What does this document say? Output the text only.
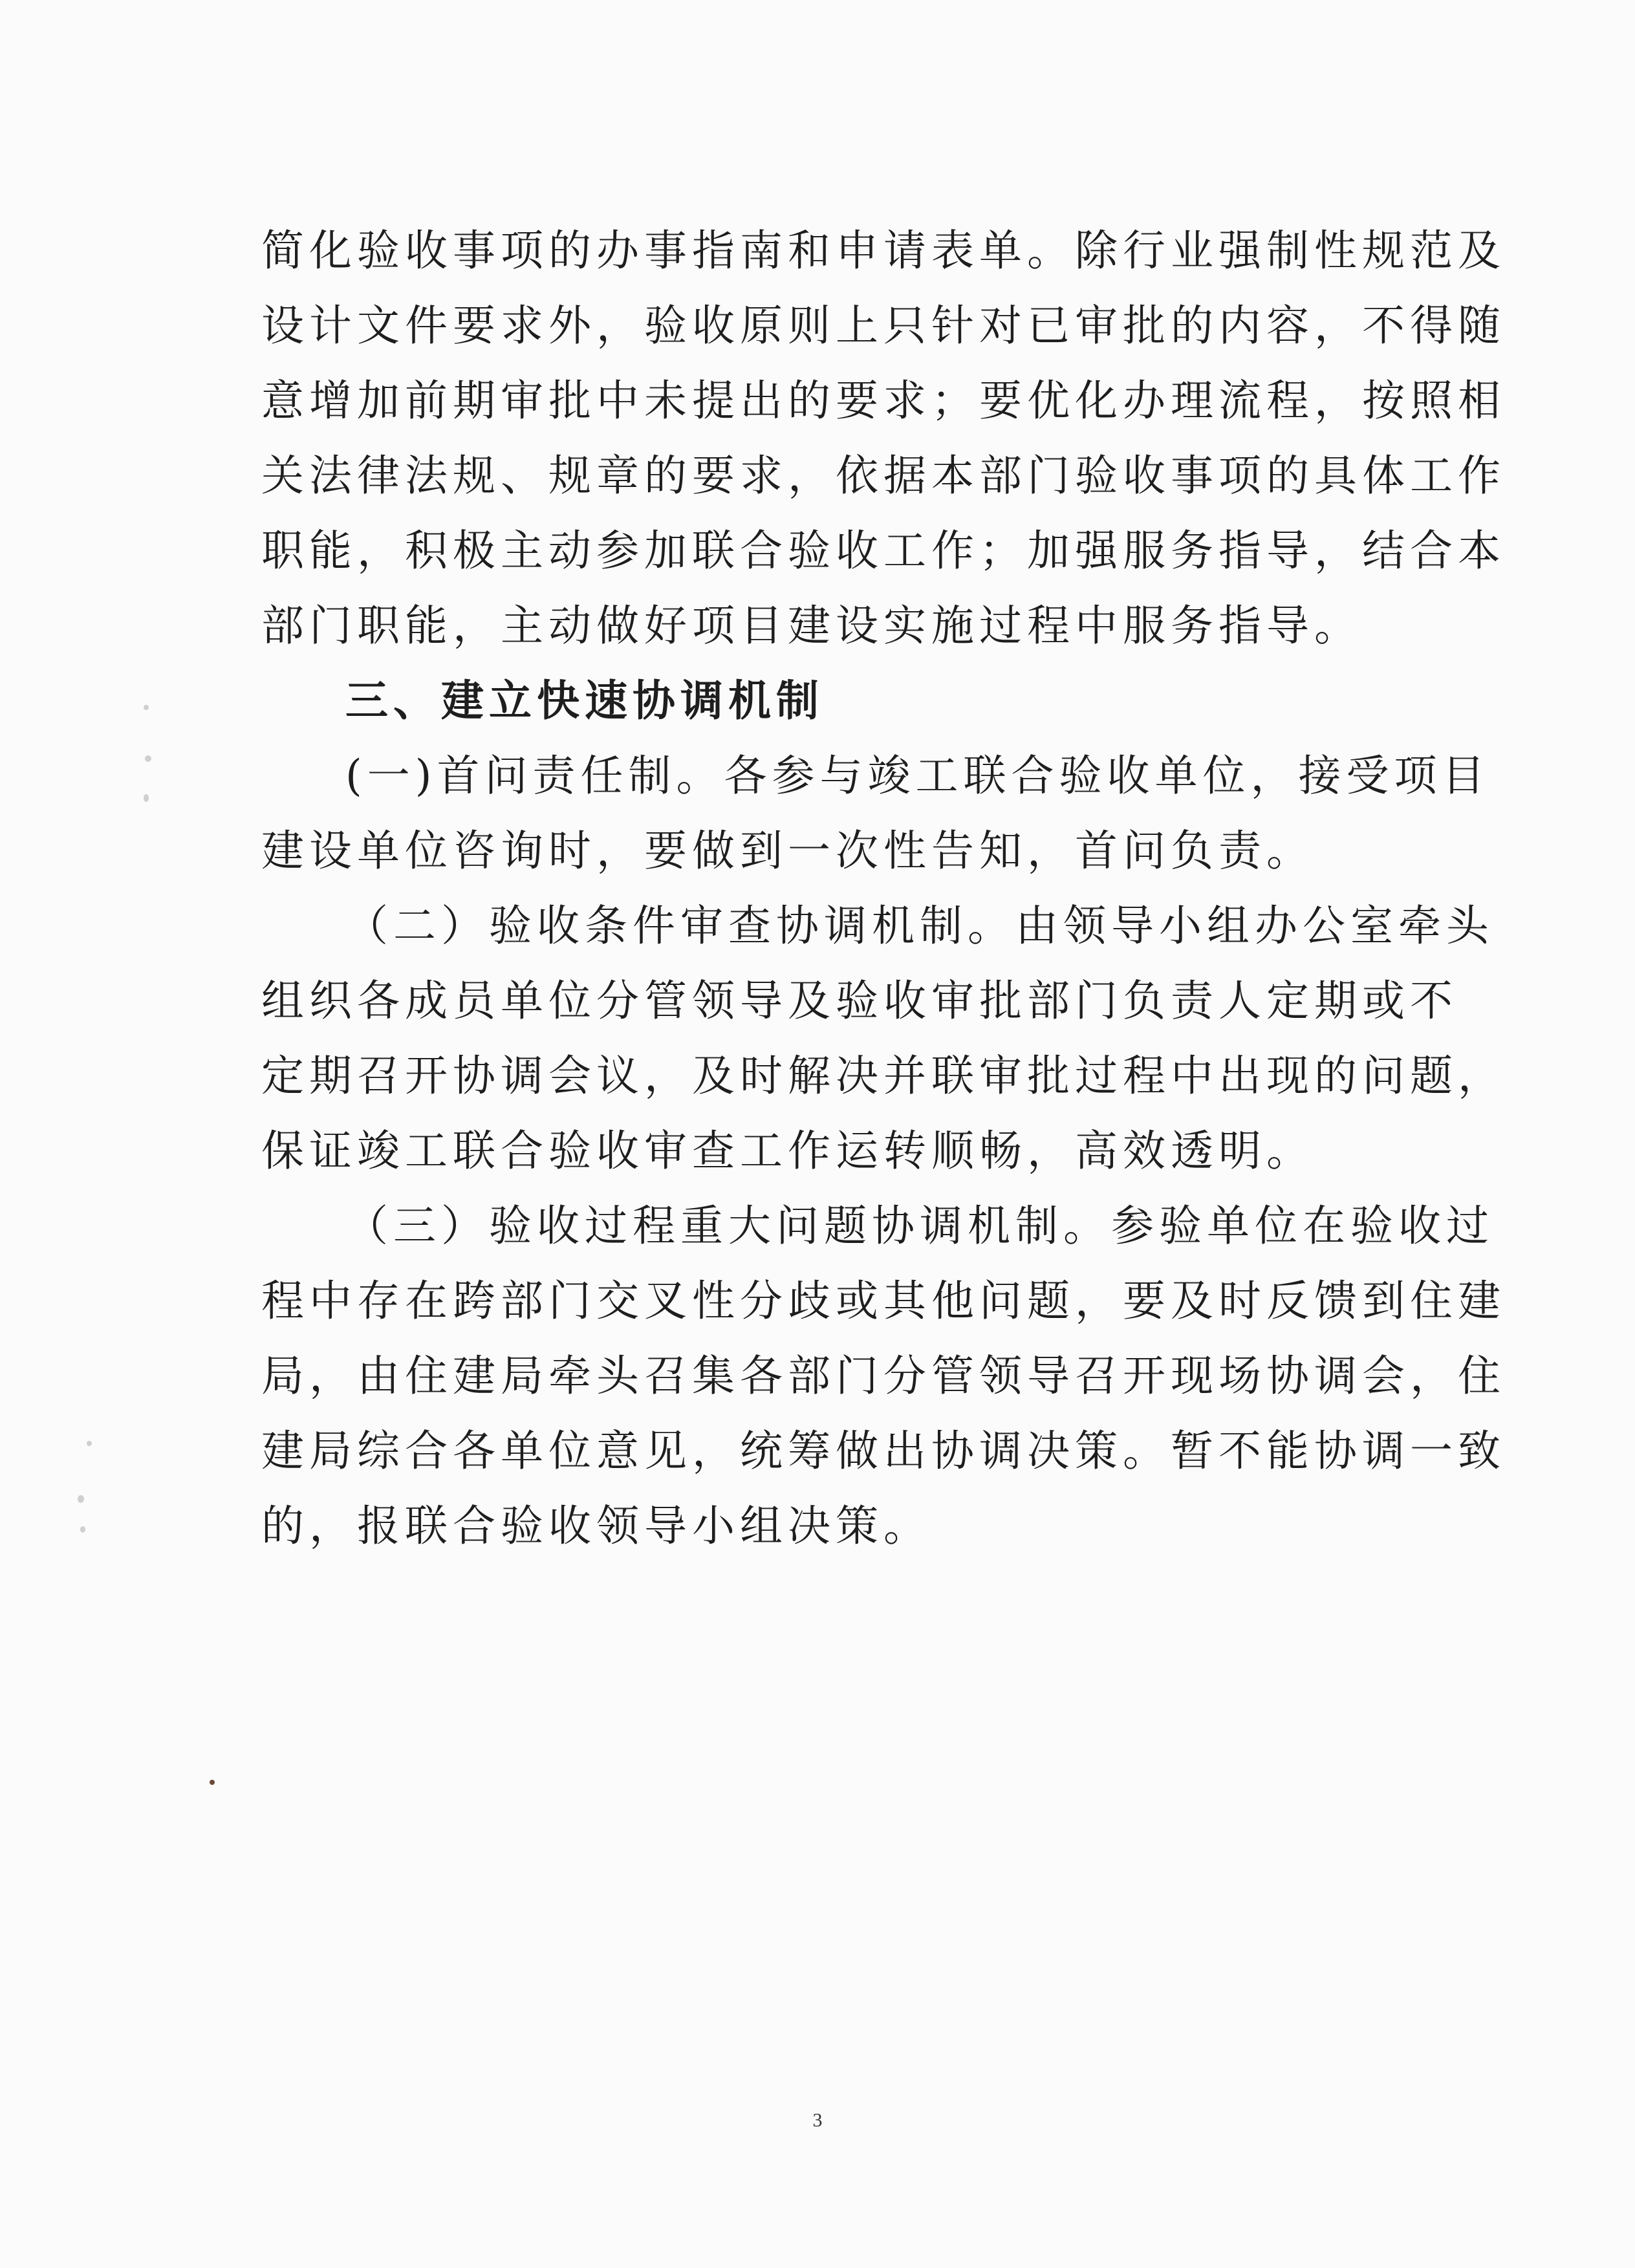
简化验收事项的办事指南和申请表单。除行业强制性规范及
设计文件要求外，验收原则上只针对已审批的内容，不得随
意增加前期审批中未提出的要求；要优化办理流程，按照相
关法律法规、规章的要求，依据本部门验收事项的具体工作
职能，积极主动参加联合验收工作；加强服务指导，结合本
部门职能，主动做好项目建设实施过程中服务指导。
三、建立快速协调机制
(一)首问责任制。各参与竣工联合验收单位，接受项目
建设单位咨询时，要做到一次性告知，首问负责。
（二）验收条件审查协调机制。由领导小组办公室牵头
组织各成员单位分管领导及验收审批部门负责人定期或不
定期召开协调会议，及时解决并联审批过程中出现的问题，
保证竣工联合验收审查工作运转顺畅，高效透明。
（三）验收过程重大问题协调机制。参验单位在验收过
程中存在跨部门交叉性分歧或其他问题，要及时反馈到住建
局，由住建局牵头召集各部门分管领导召开现场协调会，住
建局综合各单位意见，统筹做出协调决策。暂不能协调一致
的，报联合验收领导小组决策。
3
